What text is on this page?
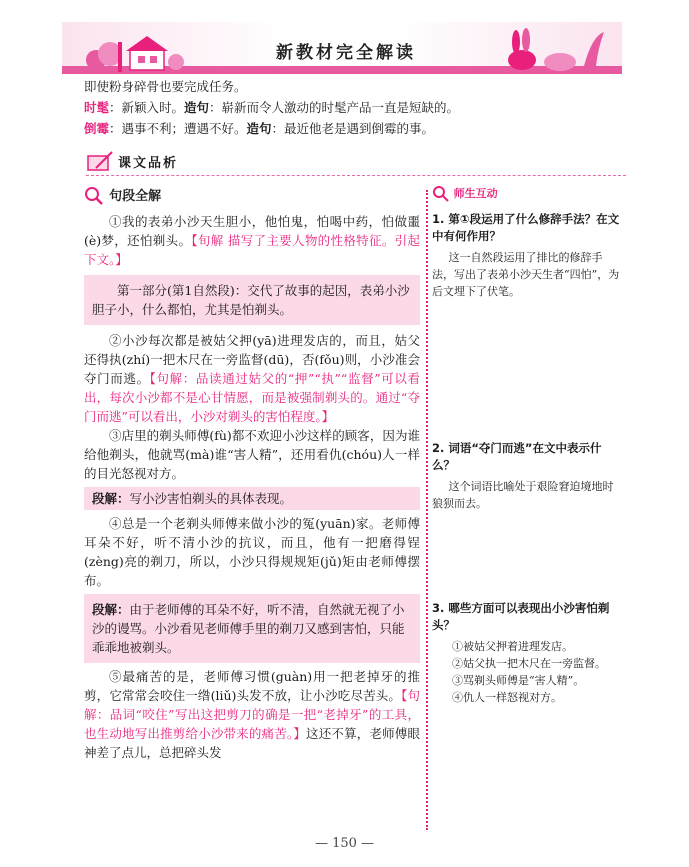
新教材完全解读
即使粉身碎骨也要完成任务。
时髦：新颖入时。造句：崭新而令人激动的时髦产品一直是短缺的。
倒霉：遇事不利；遭遇不好。造句：最近他老是遇到倒霉的事。
课文品析
句段全解

①我的表弟小沙天生胆小，他怕鬼，怕喝中药，怕做噩(è)梦，还怕剃头。【旬解 描写了主要人物的性格特征。引起下文。】

第一部分(第1自然段)：交代了故事的起因，表弟小沙胆子小，什么都怕，尤其是怕剃头。

②小沙每次都是被姑父押(yā)进理发店的，而且，姑父还得执(zhí)一把木尺在一旁监督(dū)，否(fǒu)则，小沙准会夺门而逃。【句解：品读通过姑父的“押”“执”“监督”可以看出，每次小沙都不是心甘情愿，而是被强制剃头的。通过“夺门而逃”可以看出，小沙对剃头的害怕程度。】

③店里的剃头师傅(fù)都不欢迎小沙这样的顾客，因为谁给他剃头，他就骂(mà)谁“害人精”，还用看仇(chóu)人一样的目光怒视对方。

段解：写小沙害怕剃头的具体表现。

④总是一个老剃头师傅来做小沙的冤(yuān)家。老师傅耳朵不好，听不清小沙的抗议，而且，他有一把磨得锃(zèng)亮的剃刀，所以，小沙只得规规矩(jǔ)矩由老师傅摆布。

段解：由于老师傅的耳朵不好，听不清，自然就无视了小沙的谩骂。小沙看见老师傅手里的剃刀又感到害怕，只能乖乖地被剃头。

⑤最痛苦的是，老师傅习惯(guàn)用一把老掉牙的推剪，它常常会咬住一绺(liǔ)头发不放，让小沙吃尽苦头。【句解：品词“咬住”写出这把剪刀的确是一把“老掉牙”的工具，也生动地写出推剪给小沙带来的痛苦。】这还不算，老师傅眼神差了点儿，总把碎头发

师生互动

1. 第①段运用了什么修辞手法？在文中有何作用？

这一自然段运用了排比的修辞手法，写出了表弟小沙天生者“四怕”，为后文埋下了伏笔。

2. 词语“夺门而逃”在文中表示什么？

这个词语比喻处于艰险窘迫境地时狼狈而去。

3. 哪些方面可以表现出小沙害怕剃头？

①被姑父押着进理发店。

②姑父执一把木尺在一旁监督。

③骂剃头师傅是“害人精”。

④仇人一样怒视对方。

— 150 —
